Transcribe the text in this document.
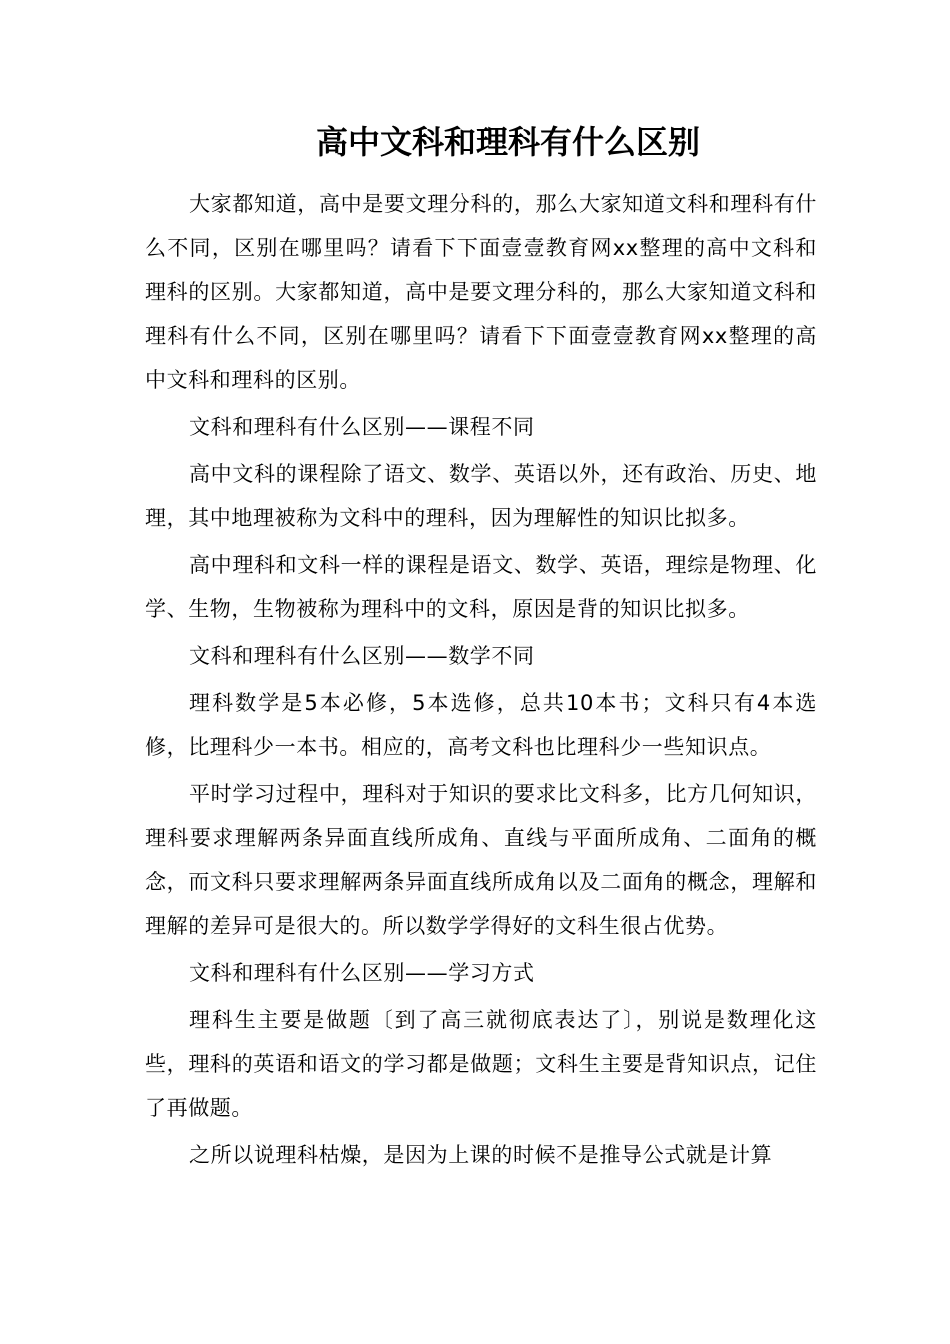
高中文科和理科有什么区别

大家都知道，高中是要文理分科的，那么大家知道文科和理科有什么不同，区别在哪里吗？请看下下面壹壹教育网xx整理的高中文科和理科的区别。大家都知道，高中是要文理分科的，那么大家知道文科和理科有什么不同，区别在哪里吗？请看下下面壹壹教育网xx整理的高中文科和理科的区别。

文科和理科有什么区别——课程不同

高中文科的课程除了语文、数学、英语以外，还有政治、历史、地理，其中地理被称为文科中的理科，因为理解性的知识比拟多。

高中理科和文科一样的课程是语文、数学、英语，理综是物理、化学、生物，生物被称为理科中的文科，原因是背的知识比拟多。

文科和理科有什么区别——数学不同

理科数学是5本必修，5本选修，总共10本书；文科只有4本选修，比理科少一本书。相应的，高考文科也比理科少一些知识点。

平时学习过程中，理科对于知识的要求比文科多，比方几何知识，理科要求理解两条异面直线所成角、直线与平面所成角、二面角的概念，而文科只要求理解两条异面直线所成角以及二面角的概念，理解和理解的差异可是很大的。所以数学学得好的文科生很占优势。

文科和理科有什么区别——学习方式

理科生主要是做题〔到了高三就彻底表达了〕，别说是数理化这些，理科的英语和语文的学习都是做题；文科生主要是背知识点，记住了再做题。

之所以说理科枯燥，是因为上课的时候不是推导公式就是计算
